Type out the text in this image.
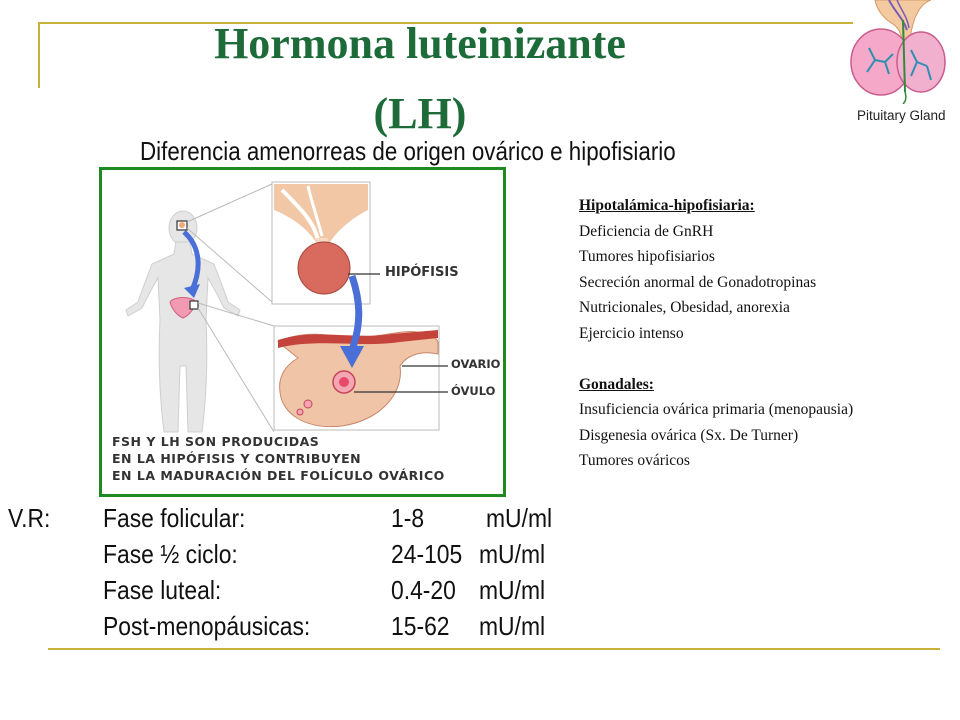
Hormona luteinizante
(LH)	Pituitary Gland
Diferencia amenorreas de origen ovárico e hipofisiario
HIPÓFISIS
OVARIO
ÓVULO
FSH Y LH SON PRODUCIDAS
EN LA HIPÓFISIS Y CONTRIBUYEN
EN LA MADURACIÓN DEL FOLÍCULO OVÁRICO
Hipotalámica-hipofisiaria:
Deficiencia de GnRH
Tumores hipofisiarios
Secreción anormal de Gonadotropinas
Nutricionales, Obesidad, anorexia
Ejercicio intenso
Gonadales:
Insuficiencia ovárica primaria (menopausia)
Disgenesia ovárica (Sx. De Turner)
Tumores ováricos
V.R: Fase folicular:	1-8 mU/ml
Fase ½ ciclo:	24-105 mU/ml
Fase luteal:	0.4-20 mU/ml
Post-menopáusicas:	15-62 mU/ml
